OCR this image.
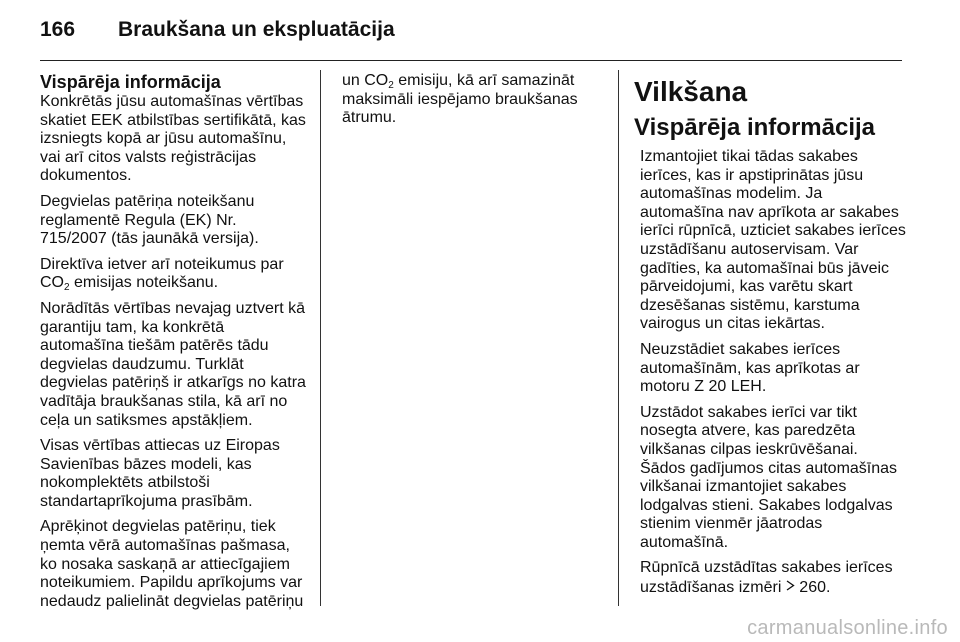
166 Braukšana un ekspluatācija
Vispārēja informācija

Konkrētās jūsu automašīnas vērtības
skatiet EEK atbilstības sertifikātā, kas
izsniegts kopā ar jūsu automašīnu,
vai arī citos valsts reģistrācijas
dokumentos.

Degvielas patēriņa noteikšanu
reglamentē Regula (EK) Nr.
715/2007 (tās jaunākā versija).

Direktīva ietver arī noteikumus par
$CO_2$ emisijas noteikšanu.

Norādītās vērtības nevajag uztvert kā
garantiju tam, ka konkrētā
automašīna tiešām patērēs tādu
degvielas daudzumu. Turklāt
degvielas patēriņš ir atkarīgs no katra
vadītāja braukšanas stila, kā arī no
ceļa un satiksmes apstākļiem.

Visas vērtības attiecas uz Eiropas
Savienības bāzes modeli, kas
nokomplektēts atbilstoši
standartaprīkojuma prasībām.

Aprēķinot degvielas patēriņu, tiek
ņemta vērā automašīnas pašmasa,
ko nosaka saskaņā ar attiecīgajiem
noteikumiem. Papildu aprīkojums var
nedaudz palielināt degvielas patēriņu

un $CO_2$ emisiju, kā arī samazināt
maksimāli iespējamo braukšanas
ātrumu.

Vilkšana
Vispārēja informācija

Izmantojiet tikai tādas sakabes
ierīces, kas ir apstiprinātas jūsu
automašīnas modelim. Ja
automašīna nav aprīkota ar sakabes
ierīci rūpnīcā, uzticiet sakabes ierīces
uzstādīšanu autoservisam. Var
gadīties, ka automašīnai būs jāveic
pārveidojumi, kas varētu skart
dzesēšanas sistēmu, karstuma
vairogus un citas iekārtas.

Neuzstādiet sakabes ierīces
automašīnām, kas aprīkotas ar
motoru Z 20 LEH.

Uzstādot sakabes ierīci var tikt
nosegta atvere, kas paredzēta
vilkšanas cilpas ieskrūvēšanai.
Šādos gadījumos citas automašīnas
vilkšanai izmantojiet sakabes
lodgalvas stieni. Sakabes lodgalvas
stienim vienmēr jāatrodas
automašīnā.

Rūpnīcā uzstādītas sakabes ierīces
uzstādīšanas izmēri  260.

carmanualsonline.info
